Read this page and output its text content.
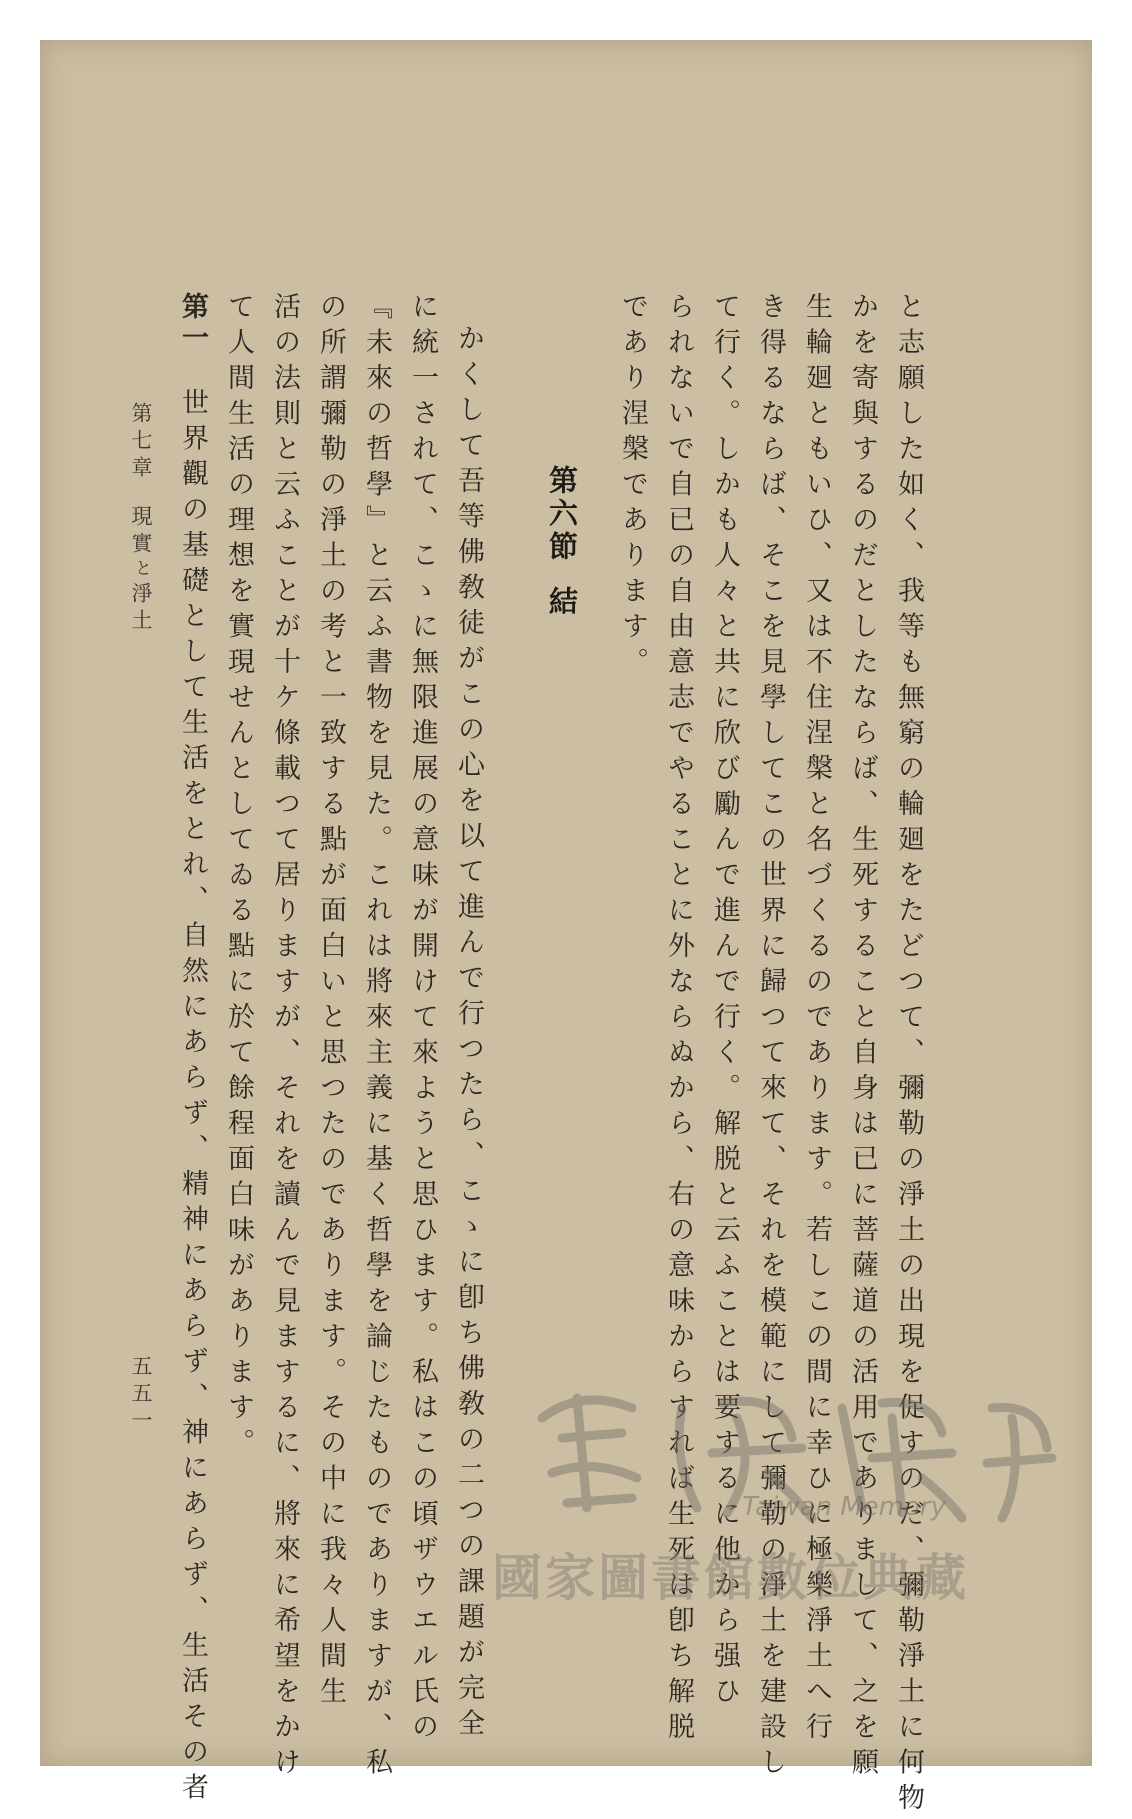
と志願した如く、我等も無窮の輪廻をたどつて、彌勒の淨土の出現を促すのだ、彌勒淨土に何物
かを寄與するのだとしたならば、生死すること自身は已に菩薩道の活用でありまして、之を願
生輪廻ともいひ、又は不住涅槃と名づくるのであります。若しこの間に幸ひに極樂淨土へ行
き得るならば、そこを見學してこの世界に歸つて來て、それを模範にして彌勒の淨土を建設し
て行く。しかも人々と共に欣び勵んで進んで行く。解脱と云ふことは要するに他から强ひ
られないで自已の自由意志でやることに外ならぬから、右の意味からすれば生死は卽ち解脱
であり涅槃であります。
第六節結
かくして吾等佛敎徒がこの心を以て進んで行つたら、こゝに卽ち佛敎の二つの課題が完全
に統一されて、こゝに無限進展の意味が開けて來ようと思ひます。私はこの頃ザウエル氏の
『未來の哲學』と云ふ書物を見た。これは將來主義に基く哲學を論じたものでありますが、私
の所謂彌勒の淨土の考と一致する點が面白いと思つたのであります。その中に我々人間生
活の法則と云ふことが十ケ條載つて居りますが、それを讀んで見まするに、將來に希望をかけ
て人間生活の理想を實現せんとしてゐる點に於て餘程面白味があります。
第一世界觀の基礎として生活をとれ、自然にあらず、精神にあらず、神にあらず、生活その者
第七章現實と淨土
五五一
Taiwan Memory
國家圖書館數位典藏
